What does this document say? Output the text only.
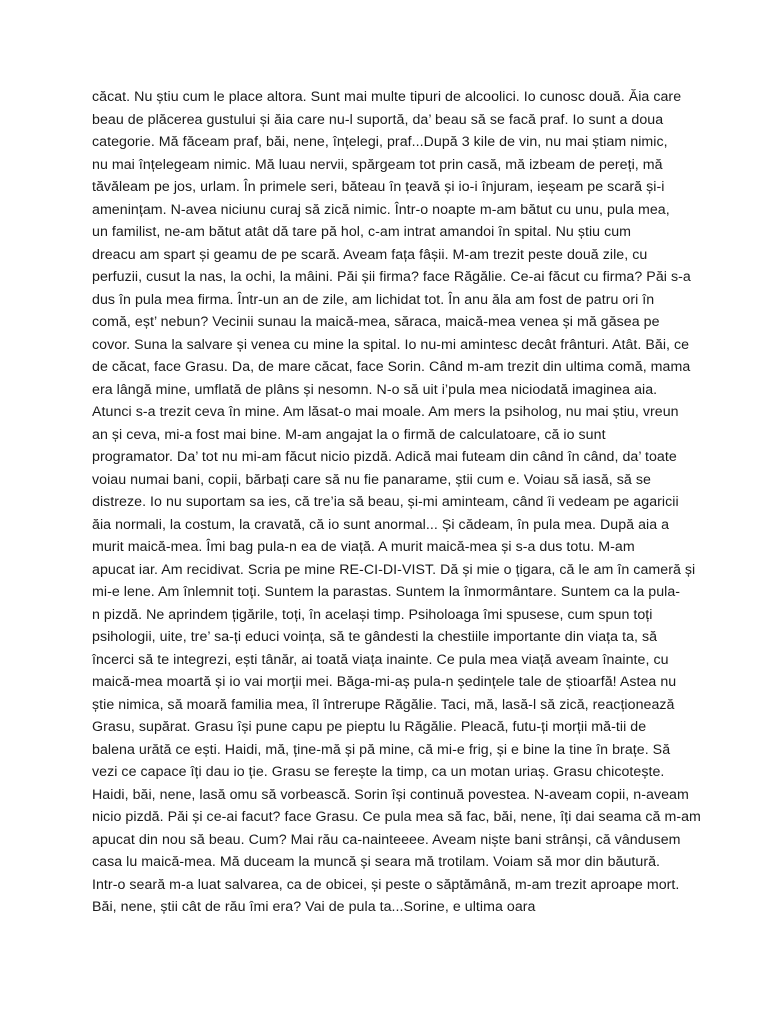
căcat. Nu știu cum le place altora. Sunt mai multe tipuri de alcoolici. Io cunosc două. Ăia care
beau de plăcerea gustului și ăia care nu-l suportă, da’ beau să se facă praf. Io sunt a doua
categorie. Mă făceam praf, băi, nene, înțelegi, praf...După 3 kile de vin, nu mai știam nimic,
nu mai înțelegeam nimic. Mă luau nervii, spărgeam tot prin casă, mă izbeam de pereți, mă
tăvăleam pe jos, urlam. În primele seri, băteau în țeavă și io-i înjuram, ieșeam pe scară și-i
amenințam. N-avea niciunu curaj să zică nimic. Într-o noapte m-am bătut cu unu, pula mea,
un familist, ne-am bătut atât dă tare pă hol, c-am intrat amandoi în spital. Nu știu cum
dreacu am spart și geamu de pe scară. Aveam fața fâșii. M-am trezit peste două zile, cu
perfuzii, cusut la nas, la ochi, la mâini. Păi șii firma? face Răgălie. Ce-ai făcut cu firma? Păi s-a
dus în pula mea firma. Într-un an de zile, am lichidat tot. În anu ăla am fost de patru ori în
comă, eșt’ nebun? Vecinii sunau la maică-mea, săraca, maică-mea venea și mă găsea pe
covor. Suna la salvare și venea cu mine la spital. Io nu-mi amintesc decât frânturi. Atât. Băi, ce
de căcat, face Grasu. Da, de mare căcat, face Sorin. Când m-am trezit din ultima comă, mama
era lângă mine, umflată de plâns și nesomn. N-o să uit i’pula mea niciodată imaginea aia.
Atunci s-a trezit ceva în mine. Am lăsat-o mai moale. Am mers la psiholog, nu mai știu, vreun
an și ceva, mi-a fost mai bine. M-am angajat la o firmă de calculatoare, că io sunt
programator. Da’ tot nu mi-am făcut nicio pizdă. Adică mai futeam din când în când, da’ toate
voiau numai bani, copii, bărbați care să nu fie panarame, știi cum e. Voiau să iasă, să se
distreze. Io nu suportam sa ies, că tre’ia să beau, și-mi aminteam, când îi vedeam pe agaricii
ăia normali, la costum, la cravată, că io sunt anormal... Și cădeam, în pula mea. După aia a
murit maică-mea. Îmi bag pula-n ea de viață. A murit maică-mea și s-a dus totu. M-am
apucat iar. Am recidivat. Scria pe mine RE-CI-DI-VIST. Dă și mie o țigara, că le am în cameră și
mi-e lene. Am înlemnit toți. Suntem la parastas. Suntem la înmormântare. Suntem ca la pula-
n pizdă. Ne aprindem țigările, toți, în același timp. Psiholoaga îmi spusese, cum spun toți
psihologii, uite, tre’ sa-ți educi voința, să te gândesti la chestiile importante din viața ta, să
încerci să te integrezi, ești tânăr, ai toată viața inainte. Ce pula mea viață aveam înainte, cu
maică-mea moartă și io vai morții mei. Băga-mi-aș pula-n ședințele tale de știoarfă! Astea nu
știe nimica, să moară familia mea, îl întrerupe Răgălie. Taci, mă, lasă-l să zică, reacționează
Grasu, supărat. Grasu își pune capu pe pieptu lu Răgălie. Pleacă, futu-ți morții mă-tii de
balena urătă ce ești. Haidi, mă, ține-mă și pă mine, că mi-e frig, și e bine la tine în brațe. Să
vezi ce capace îți dau io ție. Grasu se ferește la timp, ca un motan uriaș. Grasu chicotește.
Haidi, băi, nene, lasă omu să vorbească. Sorin își continuă povestea. N-aveam copii, n-aveam
nicio pizdă. Păi și ce-ai facut? face Grasu. Ce pula mea să fac, băi, nene, îți dai seama că m-am
apucat din nou să beau. Cum? Mai rău ca-nainteeee. Aveam niște bani strânși, că vândusem
casa lu maică-mea. Mă duceam la muncă și seara mă trotilam. Voiam să mor din băutură.
Intr-o seară m-a luat salvarea, ca de obicei, și peste o săptămână, m-am trezit aproape mort.
Băi, nene, știi cât de rău îmi era? Vai de pula ta...Sorine, e ultima oara
